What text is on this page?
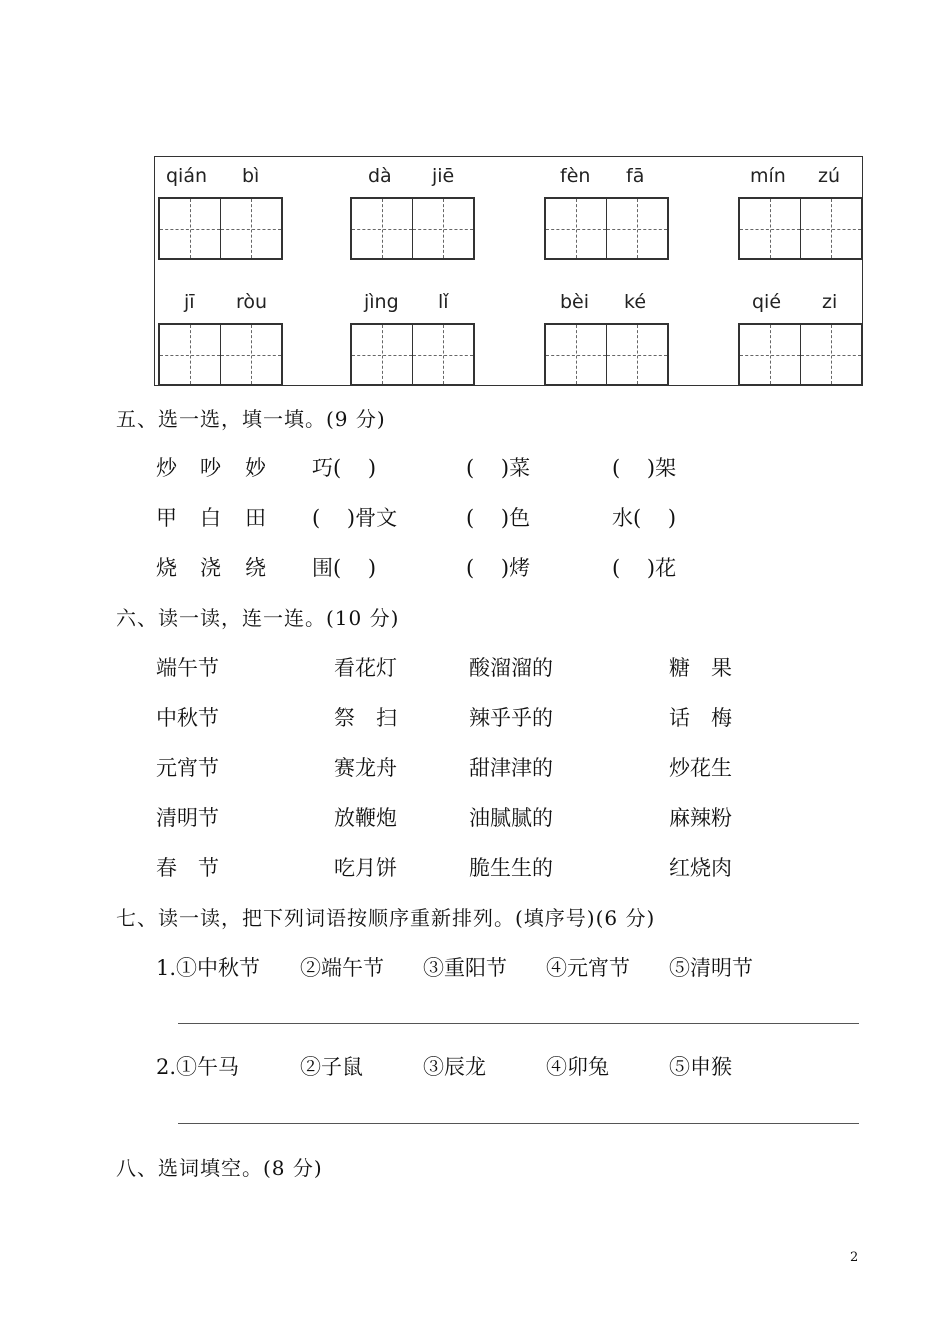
qián bì	dà jiē	fèn fā	mín zú
jī ròu	jìng lǐ	bèi ké	qié zi
五、选一选，填一填。(9 分)
炒 吵 妙 巧(    )	(    )菜	(    )架
甲 白 田 (    )骨文	(    )色	水(    )
烧 浇 绕 围(    )	(    )烤	(    )花
六、读一读，连一连。(10 分)
端午节	看花灯	酸溜溜的	糖　果
中秋节	祭　扫	辣乎乎的	话　梅
元宵节	赛龙舟	甜津津的	炒花生
清明节	放鞭炮	油腻腻的	麻辣粉
春　节	吃月饼	脆生生的	红烧肉
七、读一读，把下列词语按顺序重新排列。(填序号)(6 分)
1.①中秋节 ②端午节 ③重阳节 ④元宵节 ⑤清明节
2.①午马	②子鼠	③辰龙	④卯兔	⑤申猴
八、选词填空。(8 分)
2
